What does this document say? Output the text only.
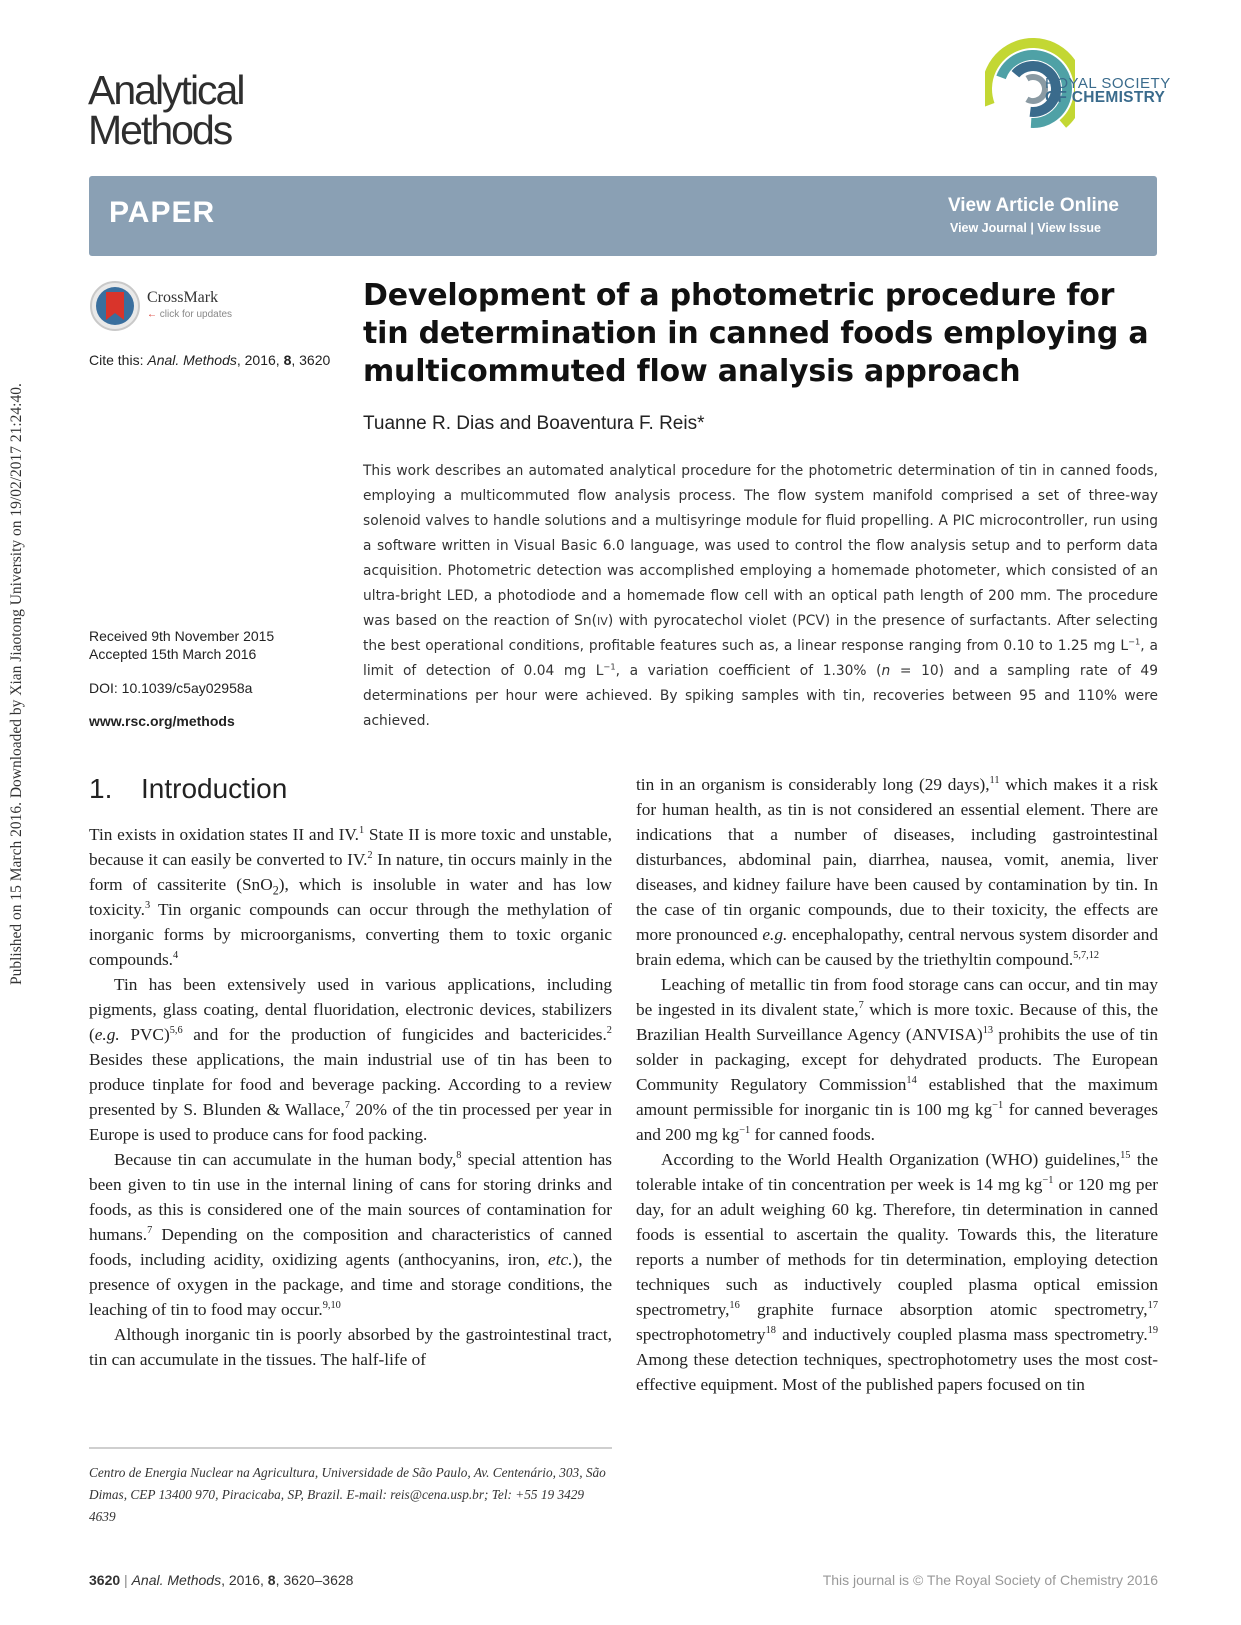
Published on 15 March 2016. Downloaded by Xian Jiaotong University on 19/02/2017 21:24:40.
Analytical
Methods
ROYAL SOCIETY
OF CHEMISTRY
PAPER	View Article Online
View Journal | View Issue
CrossMark
← click for updates
Cite this: Anal. Methods, 2016, 8, 3620
Received 9th November 2015
Accepted 15th March 2016
DOI: 10.1039/c5ay02958a
www.rsc.org/methods
Development of a photometric procedure for tin determination in canned foods employing a multicommuted flow analysis approach
Tuanne R. Dias and Boaventura F. Reis*
This work describes an automated analytical procedure for the photometric determination of tin in canned foods, employing a multicommuted flow analysis process. The flow system manifold comprised a set of three-way solenoid valves to handle solutions and a multisyringe module for fluid propelling. A PIC microcontroller, run using a software written in Visual Basic 6.0 language, was used to control the flow analysis setup and to perform data acquisition. Photometric detection was accomplished employing a homemade photometer, which consisted of an ultra-bright LED, a photodiode and a homemade flow cell with an optical path length of 200 mm. The procedure was based on the reaction of Sn(IV) with pyrocatechol violet (PCV) in the presence of surfactants. After selecting the best operational conditions, profitable features such as, a linear response ranging from 0.10 to 1.25 mg $L^{-1}$, a limit of detection of 0.04 mg $L^{-1}$, a variation coefficient of 1.30% (n = 10) and a sampling rate of 49 determinations per hour were achieved. By spiking samples with tin, recoveries between 95 and 110% were achieved.
1. Introduction

Tin exists in oxidation states II and IV.$^1$ State II is more toxic and unstable, because it can easily be converted to IV.$^2$ In nature, tin occurs mainly in the form of cassiterite (SnO$_2$), which is insoluble in water and has low toxicity.$^3$ Tin organic compounds can occur through the methylation of inorganic forms by microorganisms, converting them to toxic organic compounds.$^4$

Tin has been extensively used in various applications, including pigments, glass coating, dental fluoridation, electronic devices, stabilizers (e.g. PVC)$^{5,6}$ and for the production of fungicides and bactericides.$^2$ Besides these applications, the main industrial use of tin has been to produce tinplate for food and beverage packing. According to a review presented by S. Blunden & Wallace,$^7$ 20% of the tin processed per year in Europe is used to produce cans for food packing.

Because tin can accumulate in the human body,$^8$ special attention has been given to tin use in the internal lining of cans for storing drinks and foods, as this is considered one of the main sources of contamination for humans.$^7$ Depending on the composition and characteristics of canned foods, including acidity, oxidizing agents (anthocyanins, iron, etc.), the presence of oxygen in the package, and time and storage conditions, the leaching of tin to food may occur.$^{9,10}$

Although inorganic tin is poorly absorbed by the gastrointestinal tract, tin can accumulate in the tissues. The half-life of

tin in an organism is considerably long (29 days),$^{11}$ which makes it a risk for human health, as tin is not considered an essential element. There are indications that a number of diseases, including gastrointestinal disturbances, abdominal pain, diarrhea, nausea, vomit, anemia, liver diseases, and kidney failure have been caused by contamination by tin. In the case of tin organic compounds, due to their toxicity, the effects are more pronounced e.g. encephalopathy, central nervous system disorder and brain edema, which can be caused by the triethyltin compound.$^{5,7,12}$

Leaching of metallic tin from food storage cans can occur, and tin may be ingested in its divalent state,$^7$ which is more toxic. Because of this, the Brazilian Health Surveillance Agency (ANVISA)$^{13}$ prohibits the use of tin solder in packaging, except for dehydrated products. The European Community Regulatory Commission$^{14}$ established that the maximum amount permissible for inorganic tin is 100 mg $kg^{-1}$ for canned beverages and 200 mg $kg^{-1}$ for canned foods.

According to the World Health Organization (WHO) guidelines,$^{15}$ the tolerable intake of tin concentration per week is 14 mg $kg^{-1}$ or 120 mg per day, for an adult weighing 60 kg. Therefore, tin determination in canned foods is essential to ascertain the quality. Towards this, the literature reports a number of methods for tin determination, employing detection techniques such as inductively coupled plasma optical emission spectrometry,$^{16}$ graphite furnace absorption atomic spectrometry,$^{17}$ spectrophotometry$^{18}$ and inductively coupled plasma mass spectrometry.$^{19}$ Among these detection techniques, spectrophotometry uses the most cost-effective equipment. Most of the published papers focused on tin

Centro de Energia Nuclear na Agricultura, Universidade de São Paulo, Av. Centenário, 303, São Dimas, CEP 13400 970, Piracicaba, SP, Brazil. E-mail: reis@cena.usp.br; Tel: +55 19 3429 4639
3620 | Anal. Methods, 2016, 8, 3620–3628	This journal is © The Royal Society of Chemistry 2016
